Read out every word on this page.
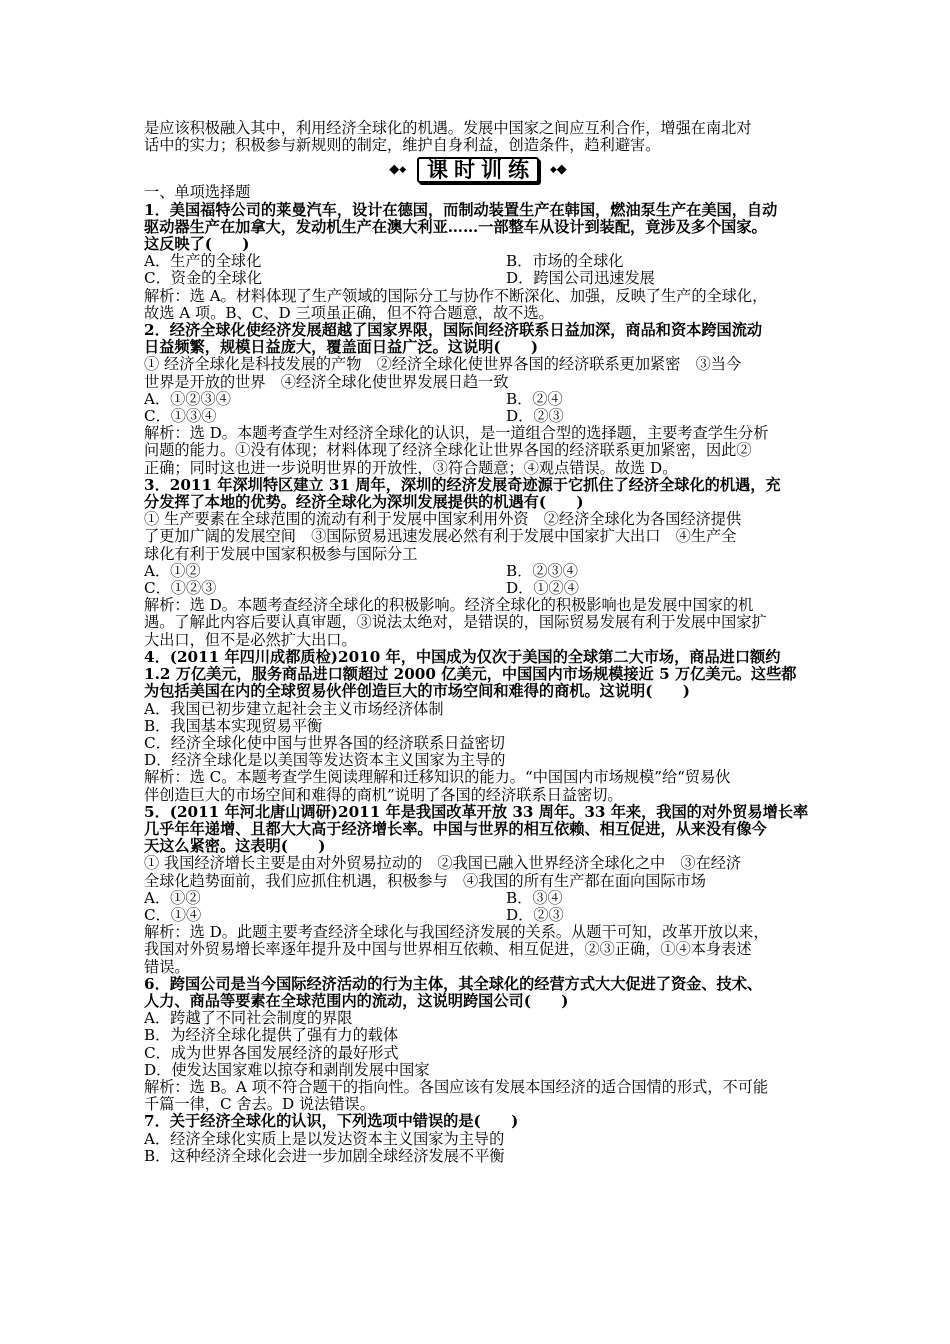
是应该积极融入其中，利用经济全球化的机遇。发展中国家之间应互利合作，增强在南北对

话中的实力；积极参与新规则的制定，维护自身利益，创造条件，趋利避害。

◆◆ 课时训练 ◆◆

一、单项选择题

1．美国福特公司的莱曼汽车，设计在德国，而制动装置生产在韩国，燃油泵生产在美国，自动

驱动器生产在加拿大，发动机生产在澳大利亚……一部整车从设计到装配，竟涉及多个国家。

这反映了(　　)

A．生产的全球化	B．市场的全球化
C．资金的全球化	D．跨国公司迅速发展

解析：选 A。材料体现了生产领域的国际分工与协作不断深化、加强，反映了生产的全球化，

故选 A 项。B、C、D 三项虽正确，但不符合题意，故不选。

2．经济全球化使经济发展超越了国家界限，国际间经济联系日益加深，商品和资本跨国流动

日益频繁，规模日益庞大，覆盖面日益广泛。这说明(　　)

① 经济全球化是科技发展的产物　②经济全球化使世界各国的经济联系更加紧密　③当今

世界是开放的世界　④经济全球化使世界发展日趋一致

A．①②③④	B．②④
C．①③④	D．②③

解析：选 D。本题考查学生对经济全球化的认识，是一道组合型的选择题，主要考查学生分析

问题的能力。①没有体现；材料体现了经济全球化让世界各国的经济联系更加紧密，因此②

正确；同时这也进一步说明世界的开放性，③符合题意；④观点错误。故选 D。

3．2011 年深圳特区建立 31 周年，深圳的经济发展奇迹源于它抓住了经济全球化的机遇，充

分发挥了本地的优势。经济全球化为深圳发展提供的机遇有(　　)

① 生产要素在全球范围的流动有利于发展中国家利用外资　②经济全球化为各国经济提供

了更加广阔的发展空间　③国际贸易迅速发展必然有利于发展中国家扩大出口　④生产全

球化有利于发展中国家积极参与国际分工

A．①②	B．②③④
C．①②③	D．①②④

解析：选 D。本题考查经济全球化的积极影响。经济全球化的积极影响也是发展中国家的机

遇。了解此内容后要认真审题，③说法太绝对，是错误的，国际贸易发展有利于发展中国家扩

大出口，但不是必然扩大出口。

4．(2011 年四川成都质检)2010 年，中国成为仅次于美国的全球第二大市场，商品进口额约

1.2 万亿美元，服务商品进口额超过 2000 亿美元，中国国内市场规模接近 5 万亿美元。这些都

为包括美国在内的全球贸易伙伴创造巨大的市场空间和难得的商机。这说明(　　)

A．我国已初步建立起社会主义市场经济体制

B．我国基本实现贸易平衡

C．经济全球化使中国与世界各国的经济联系日益密切

D．经济全球化是以美国等发达资本主义国家为主导的

解析：选 C。本题考查学生阅读理解和迁移知识的能力。“中国国内市场规模”给“贸易伙

伴创造巨大的市场空间和难得的商机”说明了各国的经济联系日益密切。

5．(2011 年河北唐山调研)2011 年是我国改革开放 33 周年。33 年来，我国的对外贸易增长率

几乎年年递增、且都大大高于经济增长率。中国与世界的相互依赖、相互促进，从来没有像今

天这么紧密。这表明(　　)

① 我国经济增长主要是由对外贸易拉动的　②我国已融入世界经济全球化之中　③在经济

全球化趋势面前，我们应抓住机遇，积极参与　④我国的所有生产都在面向国际市场

A．①②	B．③④
C．①④	D．②③

解析：选 D。此题主要考查经济全球化与我国经济发展的关系。从题干可知，改革开放以来，

我国对外贸易增长率逐年提升及中国与世界相互依赖、相互促进，②③正确，①④本身表述

错误。

6．跨国公司是当今国际经济活动的行为主体，其全球化的经营方式大大促进了资金、技术、

人力、商品等要素在全球范围内的流动，这说明跨国公司(　　)

A．跨越了不同社会制度的界限

B．为经济全球化提供了强有力的载体

C．成为世界各国发展经济的最好形式

D．使发达国家难以掠夺和剥削发展中国家

解析：选 B。A 项不符合题干的指向性。各国应该有发展本国经济的适合国情的形式，不可能

千篇一律，C 舍去。D 说法错误。

7．关于经济全球化的认识，下列选项中错误的是(　　)

A．经济全球化实质上是以发达资本主义国家为主导的

B．这种经济全球化会进一步加剧全球经济发展不平衡
